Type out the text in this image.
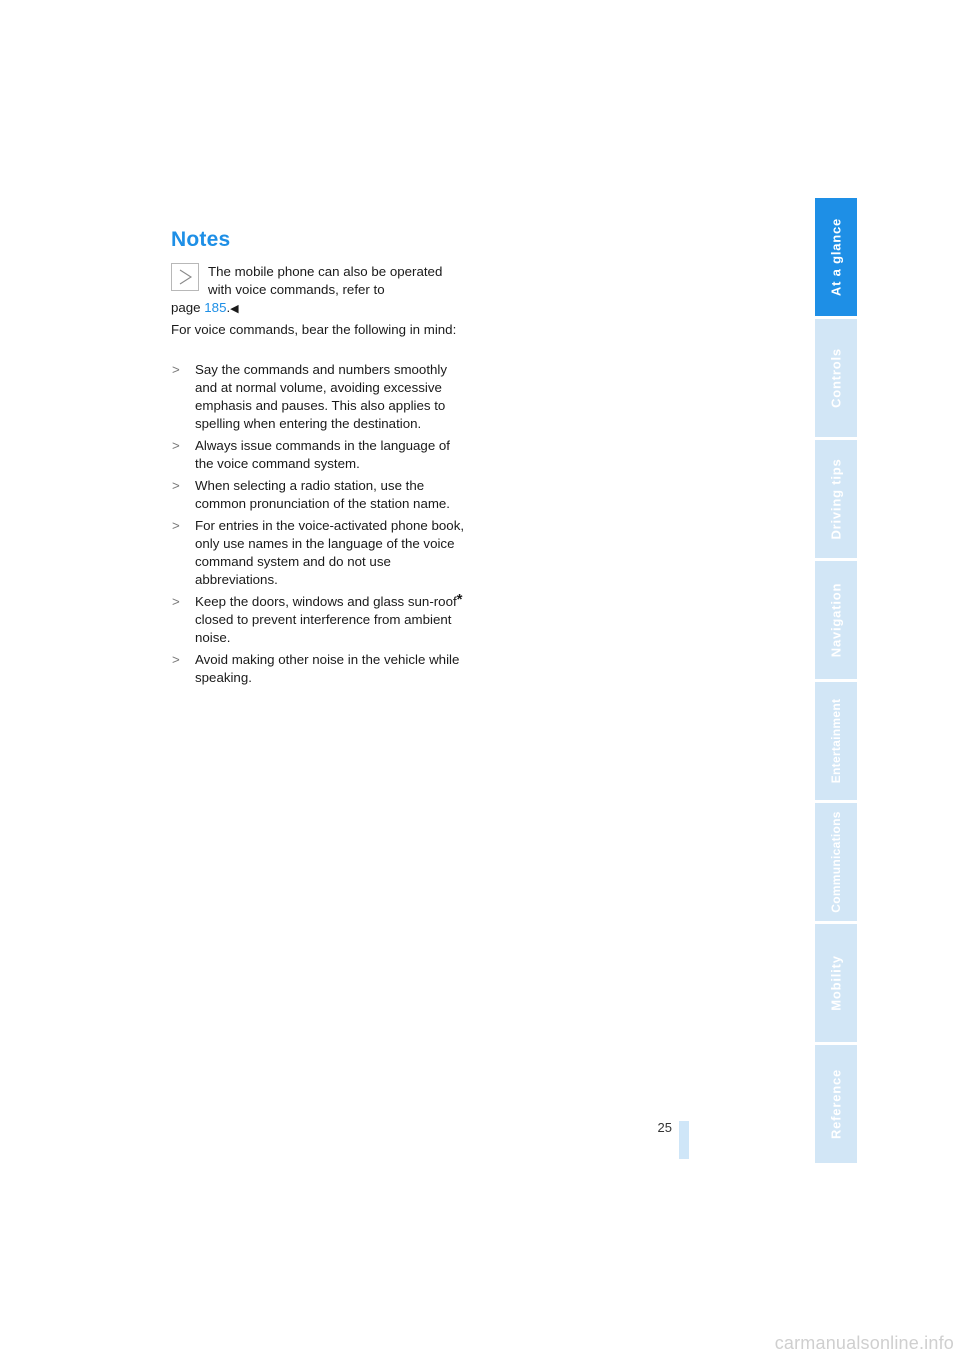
Notes

The mobile phone can also be operated

with voice commands, refer to

page 185.◀

For voice commands, bear the following in mind:

> Say the commands and numbers smoothly and at normal volume, avoiding excessive emphasis and pauses. This also applies to spelling when entering the destination.
> Always issue commands in the language of the voice command system.
> When selecting a radio station, use the common pronunciation of the station name.
> For entries in the voice-activated phone book, only use names in the language of the voice command system and do not use abbreviations.
> Keep the doors, windows and glass sun-roof* closed to prevent interference from ambient noise.
> Avoid making other noise in the vehicle while speaking.
25
At a glance
Controls
Driving tips
Navigation
Entertainment
Communications
Mobility
Reference
carmanualsonline.info
